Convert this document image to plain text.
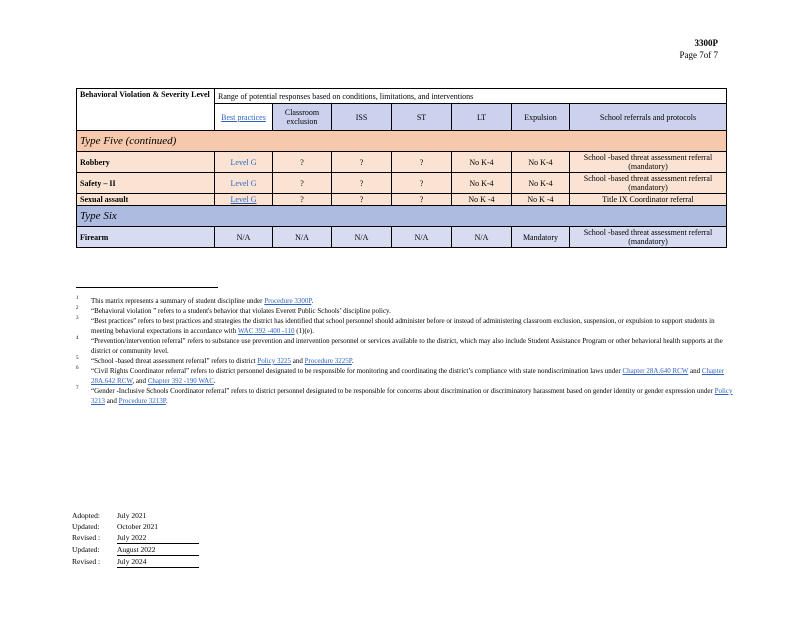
3300P
Page 7of 7
Behavioral Violation & Severity Level	Range of potential responses based on conditions, limitations, and interventions						
	Best practices	Classroom exclusion	ISS	ST	LT	Expulsion	School referrals and protocols
Type Five (continued)							
Robbery	Level G	?	?	?	No K-4	No K-4	School -based threat assessment referral (mandatory)
Safety – II	Level G	?	?	?	No K-4	No K-4	School -based threat assessment referral (mandatory)
Sexual assault	Level G	?	?	?	No K -4	No K -4	Title IX Coordinator referral
Type Six							
Firearm	N/A	N/A	N/A	N/A	N/A	Mandatory	School -based threat assessment referral (mandatory)
1 This matrix represents a summary of student discipline under Procedure 3300P.
2 “Behavioral violation ” refers to a student's behavior that violates Everett Public Schools’ discipline policy.
3 “Best practices” refers to best practices and strategies the district has identified that school personnel should administer before or instead of administering classroom exclusion, suspension, or expulsion to support students in meeting behavioral expectations in accordance with WAC 392 -400 -110 (1)(e).
4 “Prevention/intervention referral” refers to substance use prevention and intervention personnel or services available to the district, which may also include Student Assistance Program or other behavioral health supports at the district or community level.
5 “School -based threat assessment referral” refers to district Policy 3225 and Procedure 3225P.
6 “Civil Rights Coordinator referral” refers to district personnel designated to be responsible for monitoring and coordinating the district’s compliance with state nondiscrimination laws under Chapter 28A.640 RCW and Chapter 28A.642 RCW, and Chapter 392 -190 WAC.
7 “Gender -Inclusive Schools Coordinator referral” refers to district personnel designated to be responsible for concerns about discrimination or discriminatory harassment based on gender identity or gender expression under Policy 3213 and Procedure 3213P.
Adopted:	July 2021
Updated:	October 2021
Revised :	July 2022
Updated:	August 2022
Revised :	July 2024
